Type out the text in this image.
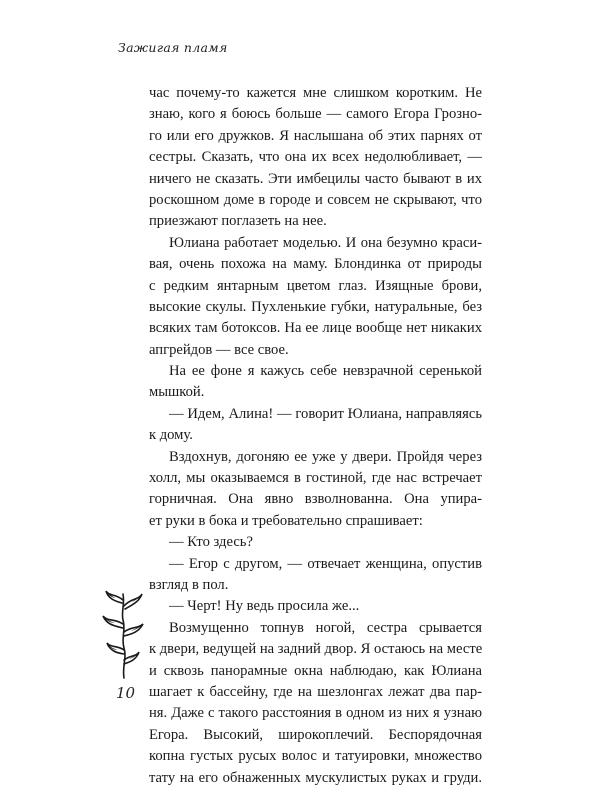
Зажигая пламя
час почему-то кажется мне слишком коротким. Не
знаю, кого я боюсь больше — самого Егора Грозно-
го или его дружков. Я наслышана об этих парнях от
сестры. Сказать, что она их всех недолюбливает, —
ничего не сказать. Эти имбецилы часто бывают в их
роскошном доме в городе и совсем не скрывают, что
приезжают поглазеть на нее.
Юлиана работает моделью. И она безумно краси-
вая, очень похожа на маму. Блондинка от природы
с редким янтарным цветом глаз. Изящные брови,
высокие скулы. Пухленькие губки, натуральные, без
всяких там ботоксов. На ее лице вообще нет никаких
апгрейдов — все свое.
На ее фоне я кажусь себе невзрачной серенькой
мышкой.
— Идем, Алина! — говорит Юлиана, направляясь
к дому.
Вздохнув, догоняю ее уже у двери. Пройдя через
холл, мы оказываемся в гостиной, где нас встречает
горничная. Она явно взволнованна. Она упира-
ет руки в бока и требовательно спрашивает:
— Кто здесь?
— Егор с другом, — отвечает женщина, опустив
взгляд в пол.
— Черт! Ну ведь просила же...
Возмущенно топнув ногой, сестра срывается
к двери, ведущей на задний двор. Я остаюсь на месте
и сквозь панорамные окна наблюдаю, как Юлиана
шагает к бассейну, где на шезлонгах лежат два пар-
ня. Даже с такого расстояния в одном из них я узнаю
Егора. Высокий, широкоплечий. Беспорядочная
копна густых русых волос и татуировки, множество
тату на его обнаженных мускулистых руках и груди.
10
